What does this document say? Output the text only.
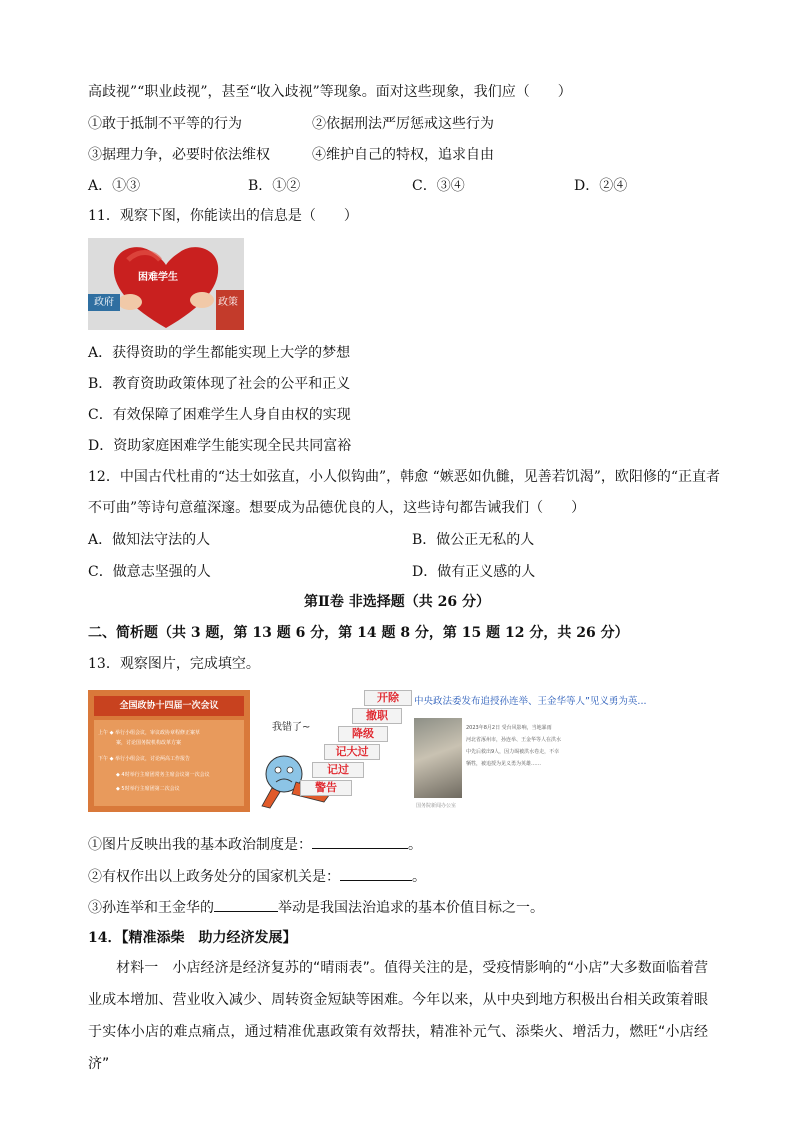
高歧视”“职业歧视”，甚至“收入歧视”等现象。面对这些现象，我们应（　　）
①敢于抵制不平等的行为	②依据刑法严厉惩戒这些行为
③据理力争，必要时依法维权	④维护自己的特权，追求自由
A．①③	B．①②	C．③④	D．②④
11．观察下图，你能读出的信息是（　　）
困难学生
政府	政策
A．获得资助的学生都能实现上大学的梦想
B．教育资助政策体现了社会的公平和正义
C．有效保障了困难学生人身自由权的实现
D．资助家庭困难学生能实现全民共同富裕
12．中国古代杜甫的“达士如弦直，小人似钩曲”，韩愈 “嫉恶如仇雠，见善若饥渴”，欧阳修的“正直者
不可曲”等诗句意蕴深邃。想要成为品德优良的人，这些诗句都告诫我们（　　）
A．做知法守法的人	B．做公正无私的人
C．做意志坚强的人	D．做有正义感的人
第Ⅱ卷 非选择题（共 26 分）
二、简析题（共 3 题，第 13 题 6 分，第 14 题 8 分，第 15 题 12 分，共 26 分）
13．观察图片，完成填空。
全国政协十四届一次会议
上午 ◆ 举行小组会议，审议政协章程修正案草
案，讨论国务院机构改革方案
下午 ◆ 举行小组会议，讨论两高工作报告
◆ 4时举行主席团常务主席会议第一次会议
◆ 5时举行主席团第二次会议
我错了~
开除
撤职
降级
记大过
记过
警告
中央政法委发布追授孙连举、王金华等人”见义勇为英...
2023年8月2日 受台风影响，当地暴雨
河北省涿州市，孙连举、王金华等人在洪水
中先后救出9人，因力竭被洪水卷走，不幸
牺牲，被追授为见义勇为英雄……
国务院新闻办公室
①图片反映出我的基本政治制度是：	。
②有权作出以上政务处分的国家机关是：	。
③孙连举和王金华的	举动是我国法治追求的基本价值目标之一。
14．【精准添柴　助力经济发展】
　　材料一　小店经济是经济复苏的“晴雨表”。值得关注的是，受疫情影响的“小店”大多数面临着营业成本增加、营业收入减少、周转资金短缺等困难。今年以来，从中央到地方积极出台相关政策着眼于实体小店的难点痛点，通过精准优惠政策有效帮扶，精准补元气、添柴火、增活力，燃旺“小店经济”
